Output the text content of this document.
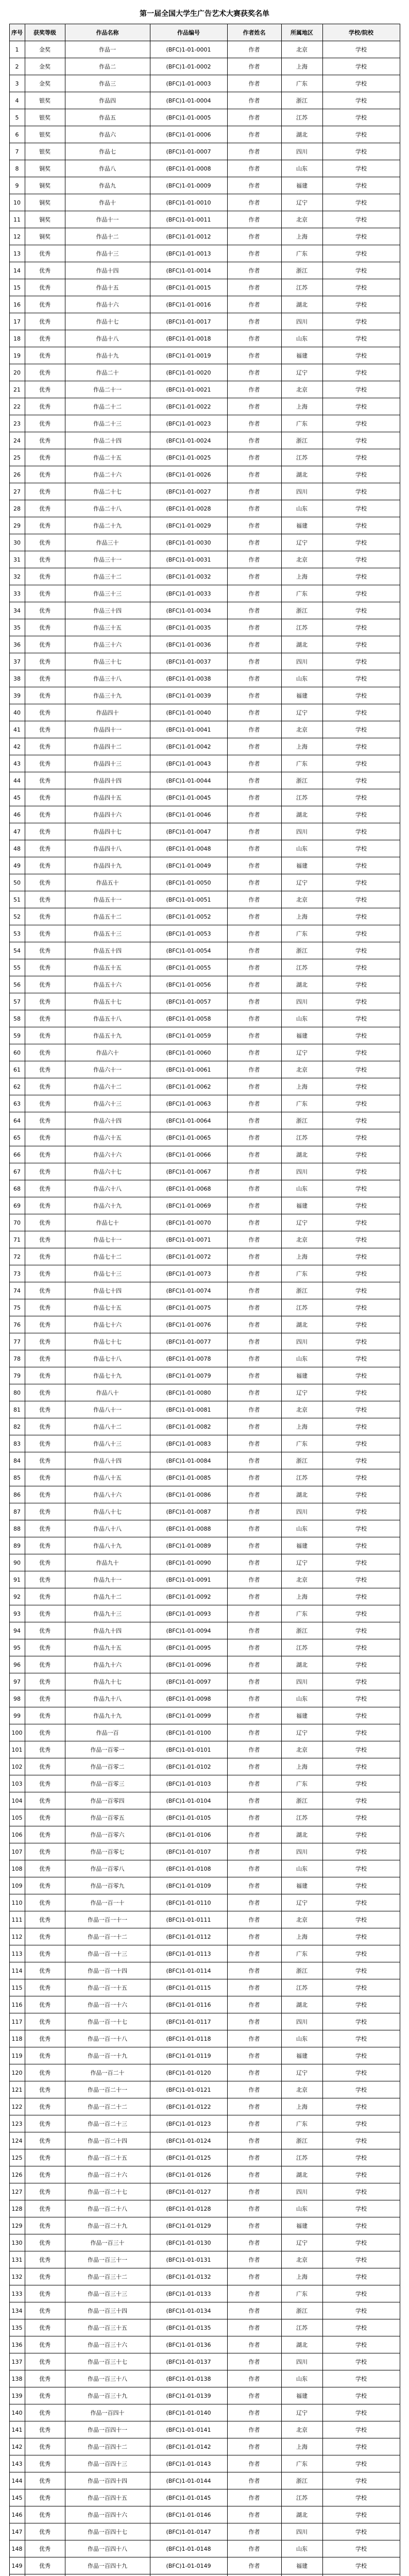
第一届全国大学生广告艺术大赛获奖名单
序号	获奖等级	作品名称	作品编号	作者姓名	所属地区	学校/院校
1	金奖	作品一	(BFC)1-01-0001	作者	北京	学校
2	金奖	作品二	(BFC)1-01-0002	作者	上海	学校
3	金奖	作品三	(BFC)1-01-0003	作者	广东	学校
4	银奖	作品四	(BFC)1-01-0004	作者	浙江	学校
5	银奖	作品五	(BFC)1-01-0005	作者	江苏	学校
6	银奖	作品六	(BFC)1-01-0006	作者	湖北	学校
7	银奖	作品七	(BFC)1-01-0007	作者	四川	学校
8	铜奖	作品八	(BFC)1-01-0008	作者	山东	学校
9	铜奖	作品九	(BFC)1-01-0009	作者	福建	学校
10	铜奖	作品十	(BFC)1-01-0010	作者	辽宁	学校
11	铜奖	作品十一	(BFC)1-01-0011	作者	北京	学校
12	铜奖	作品十二	(BFC)1-01-0012	作者	上海	学校
13	优秀	作品十三	(BFC)1-01-0013	作者	广东	学校
14	优秀	作品十四	(BFC)1-01-0014	作者	浙江	学校
15	优秀	作品十五	(BFC)1-01-0015	作者	江苏	学校
16	优秀	作品十六	(BFC)1-01-0016	作者	湖北	学校
17	优秀	作品十七	(BFC)1-01-0017	作者	四川	学校
18	优秀	作品十八	(BFC)1-01-0018	作者	山东	学校
19	优秀	作品十九	(BFC)1-01-0019	作者	福建	学校
20	优秀	作品二十	(BFC)1-01-0020	作者	辽宁	学校
21	优秀	作品二十一	(BFC)1-01-0021	作者	北京	学校
22	优秀	作品二十二	(BFC)1-01-0022	作者	上海	学校
23	优秀	作品二十三	(BFC)1-01-0023	作者	广东	学校
24	优秀	作品二十四	(BFC)1-01-0024	作者	浙江	学校
25	优秀	作品二十五	(BFC)1-01-0025	作者	江苏	学校
26	优秀	作品二十六	(BFC)1-01-0026	作者	湖北	学校
27	优秀	作品二十七	(BFC)1-01-0027	作者	四川	学校
28	优秀	作品二十八	(BFC)1-01-0028	作者	山东	学校
29	优秀	作品二十九	(BFC)1-01-0029	作者	福建	学校
30	优秀	作品三十	(BFC)1-01-0030	作者	辽宁	学校
31	优秀	作品三十一	(BFC)1-01-0031	作者	北京	学校
32	优秀	作品三十二	(BFC)1-01-0032	作者	上海	学校
33	优秀	作品三十三	(BFC)1-01-0033	作者	广东	学校
34	优秀	作品三十四	(BFC)1-01-0034	作者	浙江	学校
35	优秀	作品三十五	(BFC)1-01-0035	作者	江苏	学校
36	优秀	作品三十六	(BFC)1-01-0036	作者	湖北	学校
37	优秀	作品三十七	(BFC)1-01-0037	作者	四川	学校
38	优秀	作品三十八	(BFC)1-01-0038	作者	山东	学校
39	优秀	作品三十九	(BFC)1-01-0039	作者	福建	学校
40	优秀	作品四十	(BFC)1-01-0040	作者	辽宁	学校
41	优秀	作品四十一	(BFC)1-01-0041	作者	北京	学校
42	优秀	作品四十二	(BFC)1-01-0042	作者	上海	学校
43	优秀	作品四十三	(BFC)1-01-0043	作者	广东	学校
44	优秀	作品四十四	(BFC)1-01-0044	作者	浙江	学校
45	优秀	作品四十五	(BFC)1-01-0045	作者	江苏	学校
46	优秀	作品四十六	(BFC)1-01-0046	作者	湖北	学校
47	优秀	作品四十七	(BFC)1-01-0047	作者	四川	学校
48	优秀	作品四十八	(BFC)1-01-0048	作者	山东	学校
49	优秀	作品四十九	(BFC)1-01-0049	作者	福建	学校
50	优秀	作品五十	(BFC)1-01-0050	作者	辽宁	学校
51	优秀	作品五十一	(BFC)1-01-0051	作者	北京	学校
52	优秀	作品五十二	(BFC)1-01-0052	作者	上海	学校
53	优秀	作品五十三	(BFC)1-01-0053	作者	广东	学校
54	优秀	作品五十四	(BFC)1-01-0054	作者	浙江	学校
55	优秀	作品五十五	(BFC)1-01-0055	作者	江苏	学校
56	优秀	作品五十六	(BFC)1-01-0056	作者	湖北	学校
57	优秀	作品五十七	(BFC)1-01-0057	作者	四川	学校
58	优秀	作品五十八	(BFC)1-01-0058	作者	山东	学校
59	优秀	作品五十九	(BFC)1-01-0059	作者	福建	学校
60	优秀	作品六十	(BFC)1-01-0060	作者	辽宁	学校
61	优秀	作品六十一	(BFC)1-01-0061	作者	北京	学校
62	优秀	作品六十二	(BFC)1-01-0062	作者	上海	学校
63	优秀	作品六十三	(BFC)1-01-0063	作者	广东	学校
64	优秀	作品六十四	(BFC)1-01-0064	作者	浙江	学校
65	优秀	作品六十五	(BFC)1-01-0065	作者	江苏	学校
66	优秀	作品六十六	(BFC)1-01-0066	作者	湖北	学校
67	优秀	作品六十七	(BFC)1-01-0067	作者	四川	学校
68	优秀	作品六十八	(BFC)1-01-0068	作者	山东	学校
69	优秀	作品六十九	(BFC)1-01-0069	作者	福建	学校
70	优秀	作品七十	(BFC)1-01-0070	作者	辽宁	学校
71	优秀	作品七十一	(BFC)1-01-0071	作者	北京	学校
72	优秀	作品七十二	(BFC)1-01-0072	作者	上海	学校
73	优秀	作品七十三	(BFC)1-01-0073	作者	广东	学校
74	优秀	作品七十四	(BFC)1-01-0074	作者	浙江	学校
75	优秀	作品七十五	(BFC)1-01-0075	作者	江苏	学校
76	优秀	作品七十六	(BFC)1-01-0076	作者	湖北	学校
77	优秀	作品七十七	(BFC)1-01-0077	作者	四川	学校
78	优秀	作品七十八	(BFC)1-01-0078	作者	山东	学校
79	优秀	作品七十九	(BFC)1-01-0079	作者	福建	学校
80	优秀	作品八十	(BFC)1-01-0080	作者	辽宁	学校
81	优秀	作品八十一	(BFC)1-01-0081	作者	北京	学校
82	优秀	作品八十二	(BFC)1-01-0082	作者	上海	学校
83	优秀	作品八十三	(BFC)1-01-0083	作者	广东	学校
84	优秀	作品八十四	(BFC)1-01-0084	作者	浙江	学校
85	优秀	作品八十五	(BFC)1-01-0085	作者	江苏	学校
86	优秀	作品八十六	(BFC)1-01-0086	作者	湖北	学校
87	优秀	作品八十七	(BFC)1-01-0087	作者	四川	学校
88	优秀	作品八十八	(BFC)1-01-0088	作者	山东	学校
89	优秀	作品八十九	(BFC)1-01-0089	作者	福建	学校
90	优秀	作品九十	(BFC)1-01-0090	作者	辽宁	学校
91	优秀	作品九十一	(BFC)1-01-0091	作者	北京	学校
92	优秀	作品九十二	(BFC)1-01-0092	作者	上海	学校
93	优秀	作品九十三	(BFC)1-01-0093	作者	广东	学校
94	优秀	作品九十四	(BFC)1-01-0094	作者	浙江	学校
95	优秀	作品九十五	(BFC)1-01-0095	作者	江苏	学校
96	优秀	作品九十六	(BFC)1-01-0096	作者	湖北	学校
97	优秀	作品九十七	(BFC)1-01-0097	作者	四川	学校
98	优秀	作品九十八	(BFC)1-01-0098	作者	山东	学校
99	优秀	作品九十九	(BFC)1-01-0099	作者	福建	学校
100	优秀	作品一百	(BFC)1-01-0100	作者	辽宁	学校
101	优秀	作品一百零一	(BFC)1-01-0101	作者	北京	学校
102	优秀	作品一百零二	(BFC)1-01-0102	作者	上海	学校
103	优秀	作品一百零三	(BFC)1-01-0103	作者	广东	学校
104	优秀	作品一百零四	(BFC)1-01-0104	作者	浙江	学校
105	优秀	作品一百零五	(BFC)1-01-0105	作者	江苏	学校
106	优秀	作品一百零六	(BFC)1-01-0106	作者	湖北	学校
107	优秀	作品一百零七	(BFC)1-01-0107	作者	四川	学校
108	优秀	作品一百零八	(BFC)1-01-0108	作者	山东	学校
109	优秀	作品一百零九	(BFC)1-01-0109	作者	福建	学校
110	优秀	作品一百一十	(BFC)1-01-0110	作者	辽宁	学校
111	优秀	作品一百一十一	(BFC)1-01-0111	作者	北京	学校
112	优秀	作品一百一十二	(BFC)1-01-0112	作者	上海	学校
113	优秀	作品一百一十三	(BFC)1-01-0113	作者	广东	学校
114	优秀	作品一百一十四	(BFC)1-01-0114	作者	浙江	学校
115	优秀	作品一百一十五	(BFC)1-01-0115	作者	江苏	学校
116	优秀	作品一百一十六	(BFC)1-01-0116	作者	湖北	学校
117	优秀	作品一百一十七	(BFC)1-01-0117	作者	四川	学校
118	优秀	作品一百一十八	(BFC)1-01-0118	作者	山东	学校
119	优秀	作品一百一十九	(BFC)1-01-0119	作者	福建	学校
120	优秀	作品一百二十	(BFC)1-01-0120	作者	辽宁	学校
121	优秀	作品一百二十一	(BFC)1-01-0121	作者	北京	学校
122	优秀	作品一百二十二	(BFC)1-01-0122	作者	上海	学校
123	优秀	作品一百二十三	(BFC)1-01-0123	作者	广东	学校
124	优秀	作品一百二十四	(BFC)1-01-0124	作者	浙江	学校
125	优秀	作品一百二十五	(BFC)1-01-0125	作者	江苏	学校
126	优秀	作品一百二十六	(BFC)1-01-0126	作者	湖北	学校
127	优秀	作品一百二十七	(BFC)1-01-0127	作者	四川	学校
128	优秀	作品一百二十八	(BFC)1-01-0128	作者	山东	学校
129	优秀	作品一百二十九	(BFC)1-01-0129	作者	福建	学校
130	优秀	作品一百三十	(BFC)1-01-0130	作者	辽宁	学校
131	优秀	作品一百三十一	(BFC)1-01-0131	作者	北京	学校
132	优秀	作品一百三十二	(BFC)1-01-0132	作者	上海	学校
133	优秀	作品一百三十三	(BFC)1-01-0133	作者	广东	学校
134	优秀	作品一百三十四	(BFC)1-01-0134	作者	浙江	学校
135	优秀	作品一百三十五	(BFC)1-01-0135	作者	江苏	学校
136	优秀	作品一百三十六	(BFC)1-01-0136	作者	湖北	学校
137	优秀	作品一百三十七	(BFC)1-01-0137	作者	四川	学校
138	优秀	作品一百三十八	(BFC)1-01-0138	作者	山东	学校
139	优秀	作品一百三十九	(BFC)1-01-0139	作者	福建	学校
140	优秀	作品一百四十	(BFC)1-01-0140	作者	辽宁	学校
141	优秀	作品一百四十一	(BFC)1-01-0141	作者	北京	学校
142	优秀	作品一百四十二	(BFC)1-01-0142	作者	上海	学校
143	优秀	作品一百四十三	(BFC)1-01-0143	作者	广东	学校
144	优秀	作品一百四十四	(BFC)1-01-0144	作者	浙江	学校
145	优秀	作品一百四十五	(BFC)1-01-0145	作者	江苏	学校
146	优秀	作品一百四十六	(BFC)1-01-0146	作者	湖北	学校
147	优秀	作品一百四十七	(BFC)1-01-0147	作者	四川	学校
148	优秀	作品一百四十八	(BFC)1-01-0148	作者	山东	学校
149	优秀	作品一百四十九	(BFC)1-01-0149	作者	福建	学校
